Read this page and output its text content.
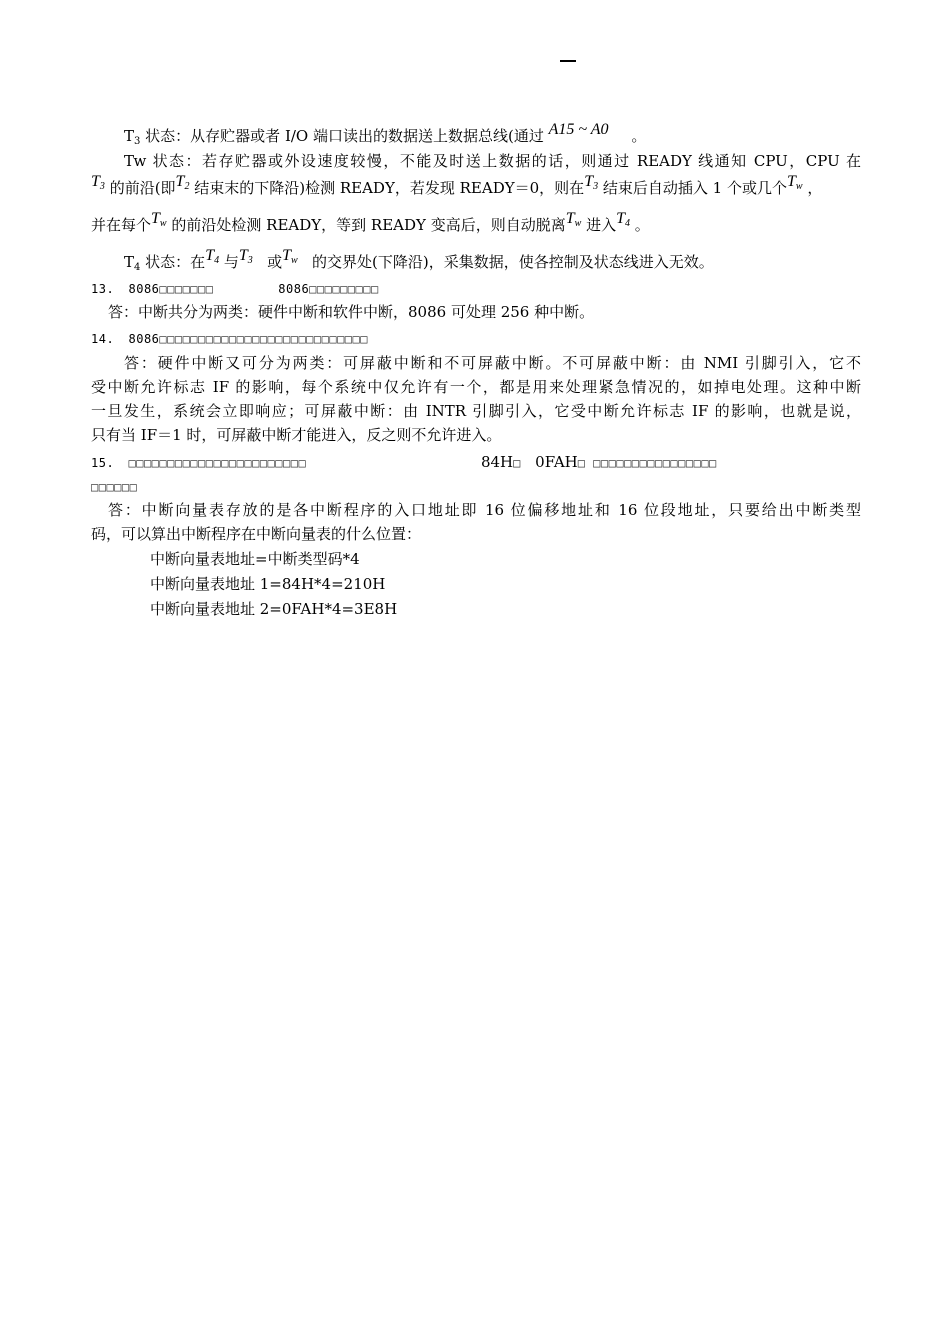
$T_3$ 状态：从存贮器或者 I/O 端口读出的数据送上数据总线(通过 A15 ~ A0 。
Tw 状态：若存贮器或外设速度较慢，不能及时送上数据的话，则通过 READY 线通知 CPU，CPU 在
$T_3$ 的前沿(即$T_2$ 结束末的下降沿)检测 READY，若发现 READY＝0，则在$T_3$ 结束后自动插入 1 个或几个$T_w$ ，
并在每个$T_w$ 的前沿处检测 READY，等到 READY 变高后，则自动脱离$T_w$ 进入$T_4$ 。
$T_4$ 状态：在$T_4$ 与$T_3$ 或$T_w$ 的交界处(下降沿)，采集数据，使各控制及状态线进入无效。
13. 8086□□□□□□□	8086□□□□□□□□□
答：中断共分为两类：硬件中断和软件中断，8086 可处理 256 种中断。
14. 8086□□□□□□□□□□□□□□□□□□□□□□□□□□□
答：硬件中断又可分为两类：可屏蔽中断和不可屏蔽中断。不可屏蔽中断：由 NMI 引脚引入，它不
受中断允许标志 IF 的影响，每个系统中仅允许有一个，都是用来处理紧急情况的，如掉电处理。这种中断
一旦发生，系统会立即响应；可屏蔽中断：由 INTR 引脚引入，它受中断允许标志 IF 的影响，也就是说，
只有当 IF＝1 时，可屏蔽中断才能进入，反之则不允许进入。
15. □□□□□□□□□□□□□□□□□□□□□□□	84H□ 0FAH□ □□□□□□□□□□□□□□□□
□□□□□□
答：中断向量表存放的是各中断程序的入口地址即 16 位偏移地址和 16 位段地址，只要给出中断类型
码，可以算出中断程序在中断向量表的什么位置：
中断向量表地址=中断类型码*4
中断向量表地址 1=84H*4=210H
中断向量表地址 2=0FAH*4=3E8H
